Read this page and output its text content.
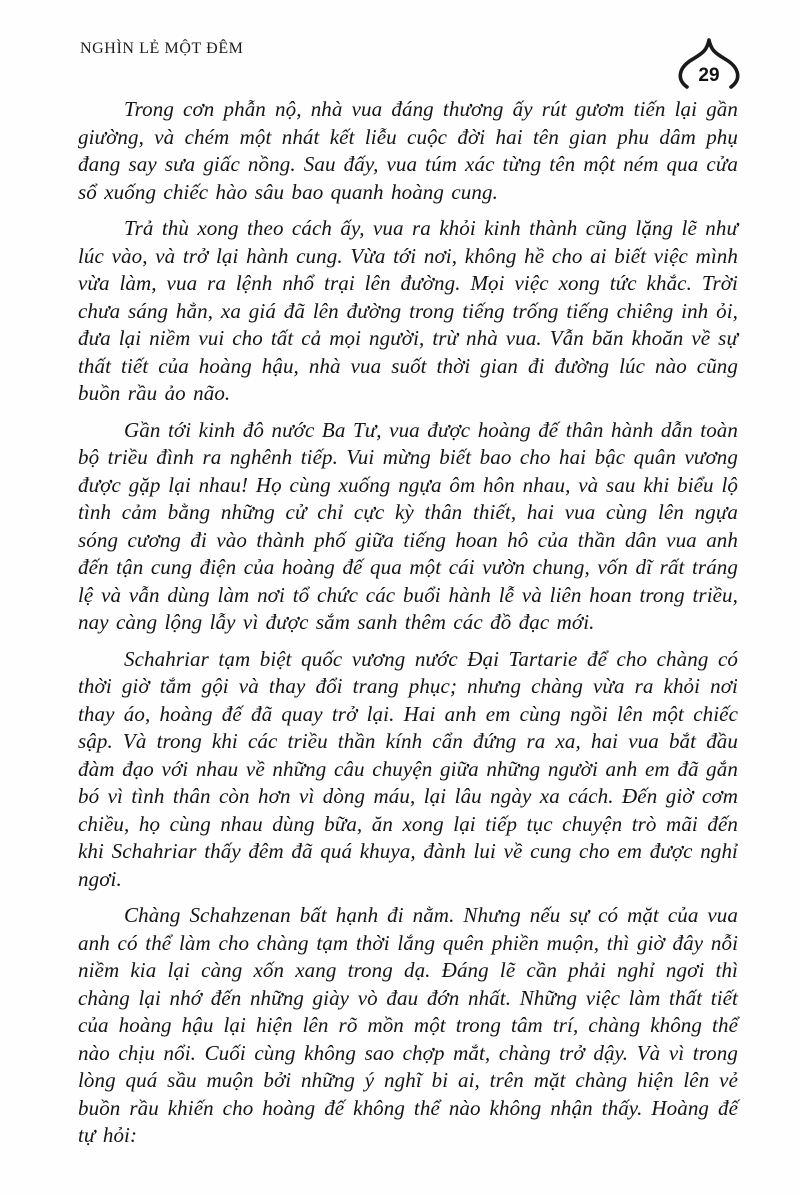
NGHÌN LẺ MỘT ĐÊM
29

Trong cơn phẫn nộ, nhà vua đáng thương ấy rút gươm tiến lại gần giường, và chém một nhát kết liễu cuộc đời hai tên gian phu dâm phụ đang say sưa giấc nồng. Sau đấy, vua túm xác từng tên một ném qua cửa sổ xuống chiếc hào sâu bao quanh hoàng cung.

Trả thù xong theo cách ấy, vua ra khỏi kinh thành cũng lặng lẽ như lúc vào, và trở lại hành cung. Vừa tới nơi, không hề cho ai biết việc mình vừa làm, vua ra lệnh nhổ trại lên đường. Mọi việc xong tức khắc. Trời chưa sáng hẳn, xa giá đã lên đường trong tiếng trống tiếng chiêng inh ỏi, đưa lại niềm vui cho tất cả mọi người, trừ nhà vua. Vẫn băn khoăn về sự thất tiết của hoàng hậu, nhà vua suốt thời gian đi đường lúc nào cũng buồn rầu ảo não.

Gần tới kinh đô nước Ba Tư, vua được hoàng đế thân hành dẫn toàn bộ triều đình ra nghênh tiếp. Vui mừng biết bao cho hai bậc quân vương được gặp lại nhau! Họ cùng xuống ngựa ôm hôn nhau, và sau khi biểu lộ tình cảm bằng những cử chỉ cực kỳ thân thiết, hai vua cùng lên ngựa sóng cương đi vào thành phố giữa tiếng hoan hô của thần dân vua anh đến tận cung điện của hoàng đế qua một cái vườn chung, vốn dĩ rất tráng lệ và vẫn dùng làm nơi tổ chức các buổi hành lễ và liên hoan trong triều, nay càng lộng lẫy vì được sắm sanh thêm các đồ đạc mới.

Schahriar tạm biệt quốc vương nước Đại Tartarie để cho chàng có thời giờ tắm gội và thay đổi trang phục; nhưng chàng vừa ra khỏi nơi thay áo, hoàng đế đã quay trở lại. Hai anh em cùng ngồi lên một chiếc sập. Và trong khi các triều thần kính cẩn đứng ra xa, hai vua bắt đầu đàm đạo với nhau về những câu chuyện giữa những người anh em đã gắn bó vì tình thân còn hơn vì dòng máu, lại lâu ngày xa cách. Đến giờ cơm chiều, họ cùng nhau dùng bữa, ăn xong lại tiếp tục chuyện trò mãi đến khi Schahriar thấy đêm đã quá khuya, đành lui về cung cho em được nghỉ ngơi.

Chàng Schahzenan bất hạnh đi nằm. Nhưng nếu sự có mặt của vua anh có thể làm cho chàng tạm thời lắng quên phiền muộn, thì giờ đây nỗi niềm kia lại càng xốn xang trong dạ. Đáng lẽ cần phải nghỉ ngơi thì chàng lại nhớ đến những giày vò đau đớn nhất. Những việc làm thất tiết của hoàng hậu lại hiện lên rõ mồn một trong tâm trí, chàng không thể nào chịu nổi. Cuối cùng không sao chợp mắt, chàng trở dậy. Và vì trong lòng quá sầu muộn bởi những ý nghĩ bi ai, trên mặt chàng hiện lên vẻ buồn rầu khiến cho hoàng đế không thể nào không nhận thấy. Hoàng đế tự hỏi:
